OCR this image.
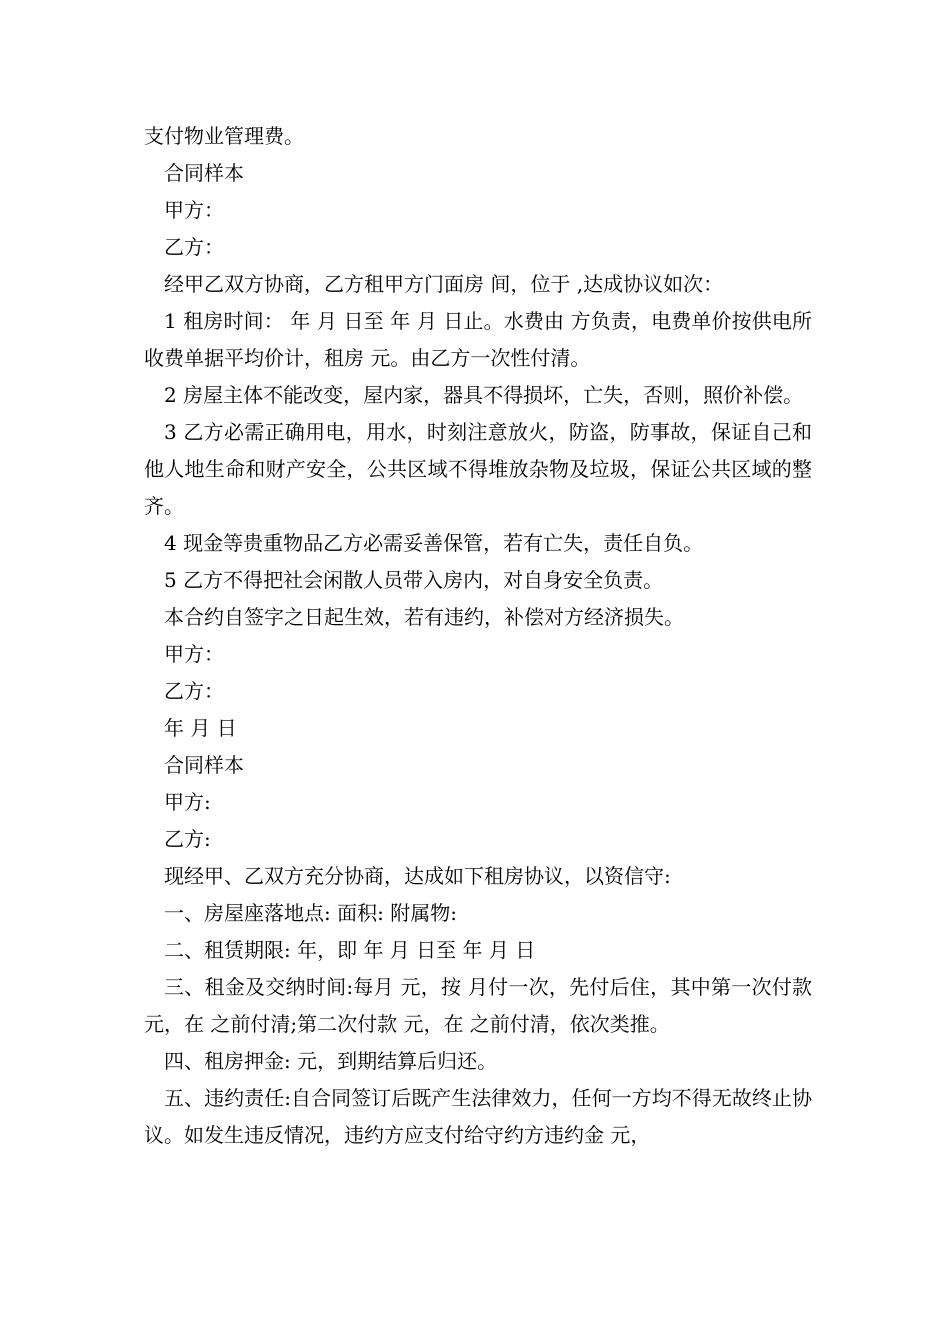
支付物业管理费。

合同样本

甲方：

乙方：

经甲乙双方协商，乙方租甲方门面房 间，位于 ,达成协议如次：

1 租房时间： 年 月 日至 年 月 日止。水费由 方负责，电费单价按供电所收费单据平均价计，租房 元。由乙方一次性付清。

2 房屋主体不能改变，屋内家，器具不得损坏，亡失，否则，照价补偿。

3 乙方必需正确用电，用水，时刻注意放火，防盗，防事故，保证自己和他人地生命和财产安全，公共区域不得堆放杂物及垃圾，保证公共区域的整齐。

4 现金等贵重物品乙方必需妥善保管，若有亡失，责任自负。

5 乙方不得把社会闲散人员带入房内，对自身安全负责。

本合约自签字之日起生效，若有违约，补偿对方经济损失。

甲方：

乙方：

年 月 日

合同样本

甲方:

乙方:

现经甲、乙双方充分协商，达成如下租房协议，以资信守:

一、房屋座落地点: 面积: 附属物:

二、租赁期限: 年，即 年 月 日至 年 月 日

三、租金及交纳时间:每月 元，按 月付一次，先付后住，其中第一次付款 元，在 之前付清;第二次付款 元，在 之前付清，依次类推。

四、租房押金: 元，到期结算后归还。

五、违约责任:自合同签订后既产生法律效力，任何一方均不得无故终止协议。如发生违反情况，违约方应支付给守约方违约金 元，
